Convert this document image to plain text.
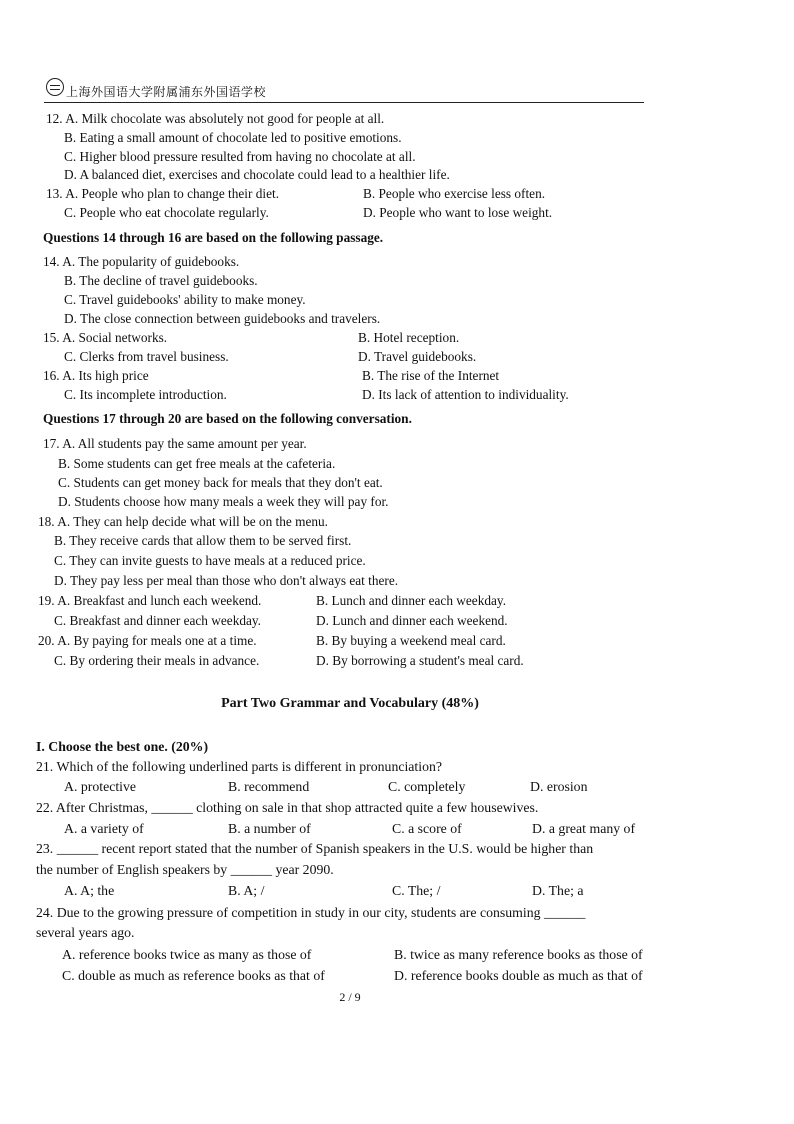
上海外国语大学附属浦东外国语学校
12. A. Milk chocolate was absolutely not good for people at all.
B. Eating a small amount of chocolate led to positive emotions.
C. Higher blood pressure resulted from having no chocolate at all.
D. A balanced diet, exercises and chocolate could lead to a healthier life.
13. A. People who plan to change their diet.	B. People who exercise less often.
C. People who eat chocolate regularly.	D. People who want to lose weight.
Questions 14 through 16 are based on the following passage.
14. A. The popularity of guidebooks.
B. The decline of travel guidebooks.
C. Travel guidebooks' ability to make money.
D. The close connection between guidebooks and travelers.
15. A. Social networks.	B. Hotel reception.
C. Clerks from travel business.	D. Travel guidebooks.
16. A. Its high price	B. The rise of the Internet
C. Its incomplete introduction.	D. Its lack of attention to individuality.
Questions 17 through 20 are based on the following conversation.
17. A. All students pay the same amount per year.
B. Some students can get free meals at the cafeteria.
C. Students can get money back for meals that they don't eat.
D. Students choose how many meals a week they will pay for.
18. A. They can help decide what will be on the menu.
B. They receive cards that allow them to be served first.
C. They can invite guests to have meals at a reduced price.
D. They pay less per meal than those who don't always eat there.
19. A. Breakfast and lunch each weekend.	B. Lunch and dinner each weekday.
C. Breakfast and dinner each weekday.	D. Lunch and dinner each weekend.
20. A. By paying for meals one at a time.	B. By buying a weekend meal card.
C. By ordering their meals in advance.	D. By borrowing a student's meal card.
Part Two Grammar and Vocabulary (48%)
I. Choose the best one. (20%)
21. Which of the following underlined parts is different in pronunciation?
A. protective	B. recommend	C. completely	D. erosion
22. After Christmas, ______ clothing on sale in that shop attracted quite a few housewives.
A. a variety of	B. a number of	C. a score of	D. a great many of
23. ______ recent report stated that the number of Spanish speakers in the U.S. would be higher than
the number of English speakers by ______ year 2090.
A. A; the	B. A; /	C. The; /	D. The; a
24. Due to the growing pressure of competition in study in our city, students are consuming ______
several years ago.
A. reference books twice as many as those of	B. twice as many reference books as those of
C. double as much as reference books as that of	D. reference books double as much as that of
2 / 9
